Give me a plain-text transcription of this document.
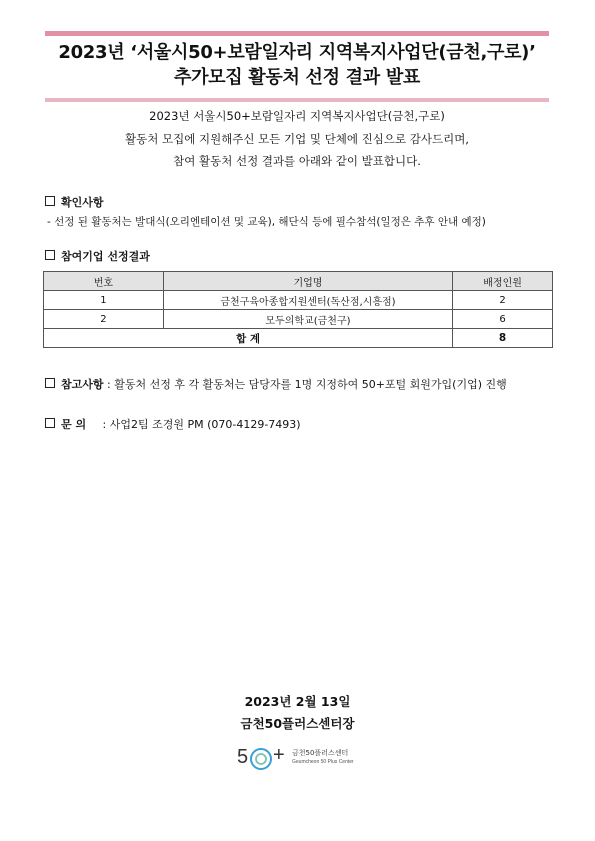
2023년 ‘서울시50+보람일자리 지역복지사업단(금천,구로)’
추가모집 활동처 선정 결과 발표
2023년 서울시50+보람일자리 지역복지사업단(금천,구로)
활동처 모집에 지원해주신 모든 기업 및 단체에 진심으로 감사드리며,
참여 활동처 선정 결과를 아래와 같이 발표합니다.
확인사항
- 선정 된 활동처는 발대식(오리엔테이션 및 교육), 해단식 등에 필수참석(일정은 추후 안내 예정)
참여기업 선정결과
번호	기업명	배정인원
1	금천구육아종합지원센터(독산점,시흥점)	2
2	모두의학교(금천구)	6
합 계		8
참고사항 : 활동처 선정 후 각 활동처는 담당자를 1명 지정하여 50+포털 회원가입(기업) 진행
문 의 : 사업2팀 조경원 PM (070-4129-7493)
2023년 2월 13일
금천50플러스센터장
5 + 금천50플러스센터
Geumcheon 50 Plus Center
